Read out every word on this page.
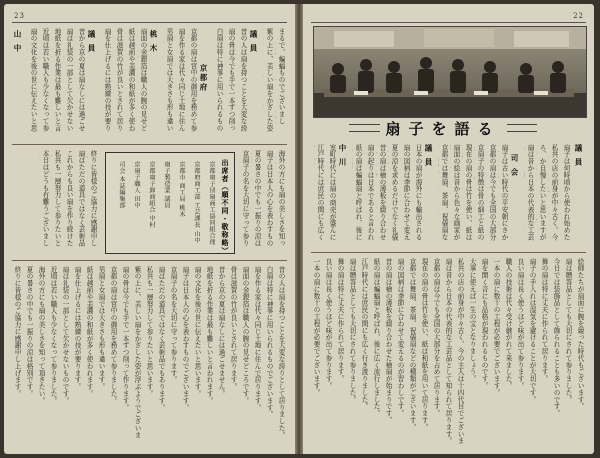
23
まるで、蝙蝠ものでございまし
紫の上に、美しい扇をかざした姿
議 員
昔の人は扇を持つことを大変な誇
扇の骨は今でも手で一本ずつ削っ
白扇は特に神事に用いられるもの
京都府
京都の扇は宮中の御用を務めて参
扇を作る家は代々同じ土地に住ん
男扇と女扇では大きさも形も違い
桃 木
扇面の金銀箔は職人の腕の見せど
紙は越前や美濃の和紙が多く使わ
骨は滋賀の竹が良いとされて居り
扇を仕上げるには熟練の技が要り
議 員
昔から京の夏は扇なしには過ごせ
扇は礼装の一部として欠かせない
地紙を折る作業は最も難しいと言
近頃は若い職人も少なくなって参
扇の文化を後の世に伝えたいと思
山 中
海外の方にも扇の美しさを知っ
扇子は日本人の心を表わすもの
夏の暑さの中でも一振りの涼は
京扇子の名を大切に守って参り
出席者（順不同・敬称略）
京都扇子団扇商工協同組合理
京都府商工部 工芸課長 山中
京都市 商工局 桃木
扇子製造業 議員
京都扇子卸商組合 中村
京扇子職人 田中
司会 本誌編集部
終りに皆様のご協力に感謝申し
扇はただの道具ではなく芸術品
これからも良い扇を作り続けた
私共も一層努力して参りたいと
本日はどうも有難うございまし
昔の人は扇を持つことを大変な誇りとして居りました。
白扇は特に神事に用いられるものでございます。
扇を作る家は代々同じ土地に住んで居ります。
扇面の金銀箔は職人の腕の見せどころです。
骨は滋賀の竹が良いとされて居ります。
昔から京の夏は扇なしには過ごせません。
地紙を折る作業は最も難しいと言われます。
扇の文化を後の世に伝えたいと思います。
扇子は日本人の心を表わすものでございます。
京扇子の名を大切に守って参ります。
扇はただの道具ではなく芸術品でもあります。
私共も一層努力して参りたいと思います。
紫の上に、美しい扇をかざした姿が浮ぶようでございま
扇の骨は今でも手で一本ずつ削って作ります。
京都の扇は宮中の御用を務めて参りました。
男扇と女扇では大きさも形も違います。
紙は越前や美濃の和紙が多く使われます。
扇を仕上げるには熟練の技が要ります。
扇は礼装の一部として欠かせないものです。
近頃は若い職人も少なくなって参りました。
海外の方にも扇の美しさを知って頂きたい。
夏の暑さの中でも一振りの涼は格別です。
終りに皆様のご協力に感謝申し上げます。
22
扇子を語る
議 員
扇子は何時頃から使われ始めた
私共の店の前身が中々古く、今
ろ、か自慢したいと思いますが
扇は昔から日本の代表的な工芸
司 会
扇子は古い時代の平安朝にさか
京都の扇は今でも全国の大部分
京扇子の特徴は骨の細工と紙の
現在の扇の骨は竹を使い、紙は
扇面の絵は昔から色々な画家が
京都では舞扇、茶扇、祝儀扇な
議 員
日本の扇が海外にも輸出される
扇の図柄は季節に合わせて変え
夏の涼を求めるだけでなく礼儀
昔の扇は檜の薄板を綴り合わせ
扇の起りは日本であると言われ
紙の扇は蝙蝠扇と呼ばれ、後に
中 川
室町時代には扇の商売が盛んに
江戸時代には庶民の間にも広く
絵師たちが扇面に腕を競った時代もございます。
扇は贈答品としても大切にされて参りました。
今日では装飾品として飾られることも多いのです。
舞の扇は特に丈夫に作られて居ります。
扇子の手入れは湿気を避けることが大切です。
良い扇は長く使うほど味が出て参ります。
職人の技術は代々受け継がれて来ました。
一本の扇に数十の工程が必要でございます。
扇を開く音にも品格が現われるものです。
大事に使えば一生の宝となりましょう。
私共の店の前身が中々古く、今の主人は十四代目でございま
扇は昔から日本の代表的な工芸品として知られて居ります。
京都の扇は今でも全国の大部分を占めて居ります。
現在の扇の骨は竹を使い、紙は和紙を用いて居ります。
京都では舞扇、茶扇、祝儀扇などの種類がございます。
扇の図柄は季節に合わせて変えるのが習わしです。
昔の扇は檜の薄板を綴り合わせた檜扇が始まりです。
紙の扇は蝙蝠扇と呼ばれ、後に広く流行しました。
江戸時代には庶民の間にも広く行き渡りました。
扇は贈答品としても大切にされて参りました。
舞の扇は特に丈夫に作られて居ります。
良い扇は長く使うほど味が出て参ります。
一本の扇に数十の工程が必要でございます。
